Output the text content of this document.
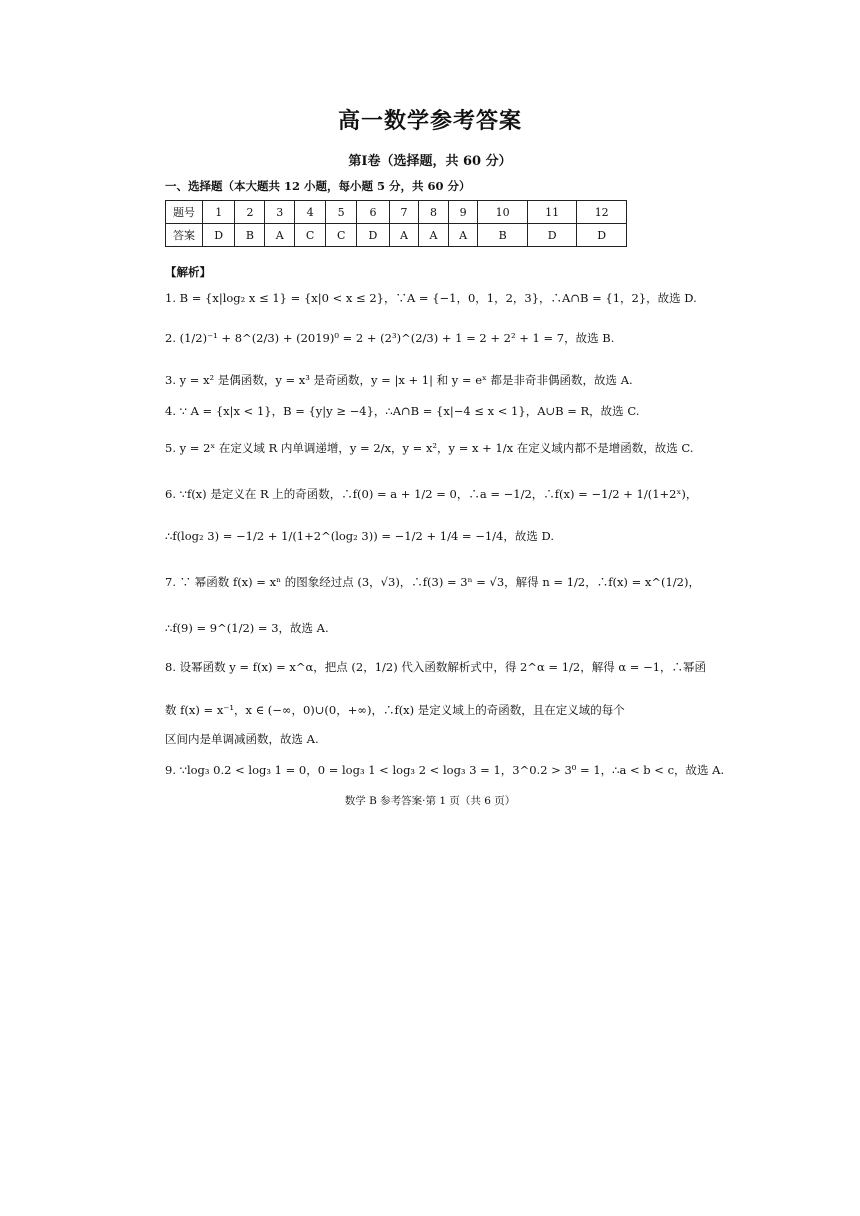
高一数学参考答案
第Ⅰ卷（选择题，共 60 分）
一、选择题（本大题共 12 小题，每小题 5 分，共 60 分）
题号	1	2	3	4	5	6	7	8	9	10	11	12
答案	D	B	A	C	C	D	A	A	A	B	D	D
【解析】
1. B = {x|log₂ x ≤ 1} = {x|0 < x ≤ 2}，∵A = {−1，0，1，2，3}，∴A∩B = {1，2}，故选 D.
2. (1/2)⁻¹ + 8^(2/3) + (2019)⁰ = 2 + (2³)^(2/3) + 1 = 2 + 2² + 1 = 7，故选 B.
3. y = x² 是偶函数，y = x³ 是奇函数，y = |x + 1| 和 y = eˣ 都是非奇非偶函数，故选 A.
4. ∵ A = {x|x < 1}，B = {y|y ≥ −4}，∴A∩B = {x|−4 ≤ x < 1}，A∪B = R，故选 C.
5. y = 2ˣ 在定义域 R 内单调递增，y = 2/x，y = x²，y = x + 1/x 在定义域内都不是增函数，故选 C.
6. ∵f(x) 是定义在 R 上的奇函数，∴f(0) = a + 1/2 = 0，∴a = −1/2，∴f(x) = −1/2 + 1/(1+2ˣ)，
∴f(log₂ 3) = −1/2 + 1/(1+2^(log₂ 3)) = −1/2 + 1/4 = −1/4，故选 D.
7. ∵ 幂函数 f(x) = xⁿ 的图象经过点 (3，√3)，∴f(3) = 3ⁿ = √3，解得 n = 1/2，∴f(x) = x^(1/2)，
∴f(9) = 9^(1/2) = 3，故选 A.
8. 设幂函数 y = f(x) = x^α，把点 (2，1/2) 代入函数解析式中，得 2^α = 1/2，解得 α = −1，∴幂函
数 f(x) = x⁻¹，x ∈ (−∞，0)∪(0，+∞)，∴f(x) 是定义域上的奇函数，且在定义域的每个
区间内是单调减函数，故选 A.
9. ∵log₃ 0.2 < log₃ 1 = 0，0 = log₃ 1 < log₃ 2 < log₃ 3 = 1，3^0.2 > 3⁰ = 1，∴a < b < c，故选 A.
数学 B 参考答案·第 1 页（共 6 页）
